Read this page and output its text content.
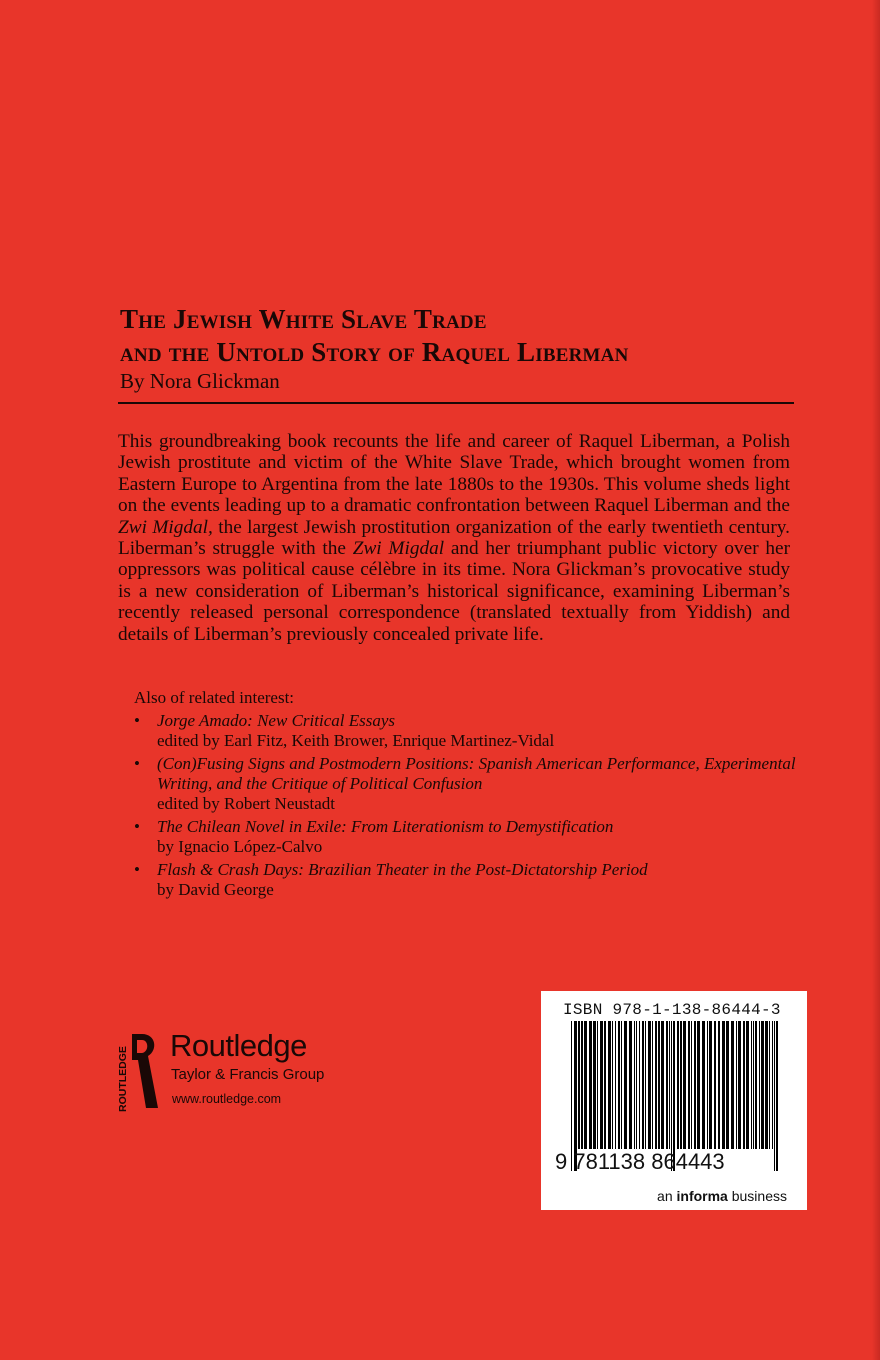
The Jewish White Slave Trade
and the Untold Story of Raquel Liberman
By Nora Glickman
This groundbreaking book recounts the life and career of Raquel Liberman, a Polish Jewish prostitute and victim of the White Slave Trade, which brought women from Eastern Europe to Argentina from the late 1880s to the 1930s. This volume sheds light on the events leading up to a dramatic confrontation between Raquel Liberman and the Zwi Migdal, the largest Jewish prostitution organization of the early twentieth century. Liberman’s struggle with the Zwi Migdal and her triumphant public victory over her oppressors was political cause célèbre in its time. Nora Glickman’s provocative study is a new consideration of Liberman’s historical significance, examining Liberman’s recently released personal correspondence (translated textually from Yiddish) and details of Liberman’s previously concealed private life.
Also of related interest:
• Jorge Amado: New Critical Essays
edited by Earl Fitz, Keith Brower, Enrique Martinez-Vidal
• (Con)Fusing Signs and Postmodern Positions: Spanish American Performance, Experimental Writing, and the Critique of Political Confusion
edited by Robert Neustadt
• The Chilean Novel in Exile: From Literationism to Demystification
by Ignacio López-Calvo
• Flash & Crash Days: Brazilian Theater in the Post-Dictatorship Period
by David George
ROUTLEDGE
Routledge
Taylor & Francis Group
www.routledge.com
ISBN 978-1-138-86444-3
9 781138 864443
an informa business
